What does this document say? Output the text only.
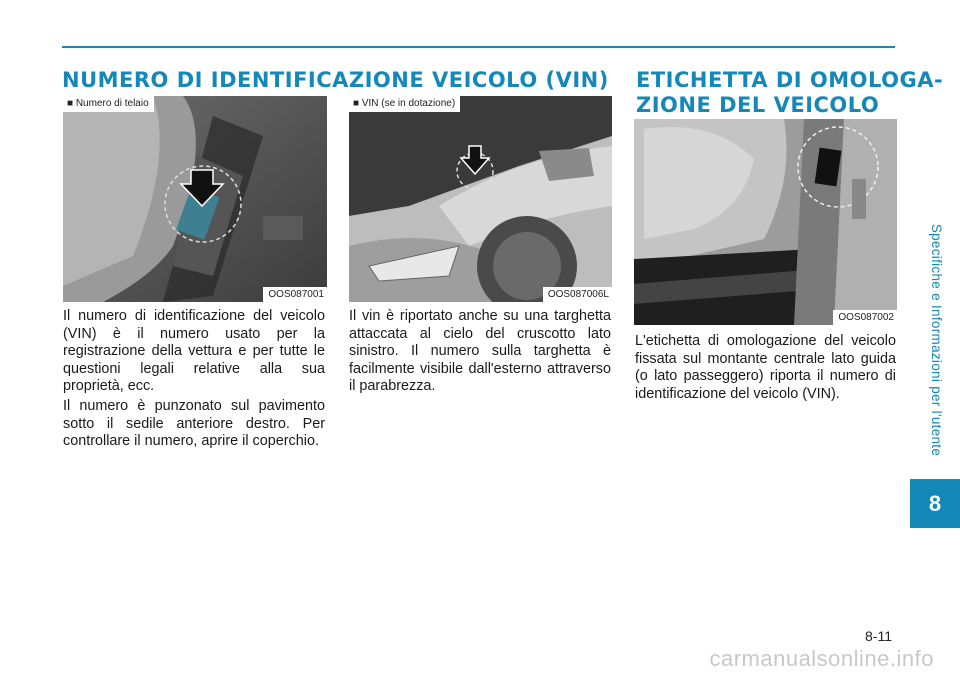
Specifiche e Informazioni per l'utente
8
NUMERO DI IDENTIFICAZIONE VEICOLO (VIN) ETICHETTA DI OMOLOGA-
ZIONE DEL VEICOLO
■ Numero di telaio
OOS087001
■ VIN (se in dotazione)
OOS087006L
OOS087002

Il numero di identificazione del veicolo (VIN) è il numero usato per la registrazione della vettura e per tutte le questioni legali relative alla sua proprietà, ecc.

Il numero è punzonato sul pavimento sotto il sedile anteriore destro. Per controllare il numero, aprire il coperchio.

Il vin è riportato anche su una targhetta attaccata al cielo del cruscotto lato sinistro. Il numero sulla targhetta è facilmente visibile dall'esterno attraverso il parabrezza.

L'etichetta di omologazione del veicolo fissata sul montante centrale lato guida (o lato passeggero) riporta il numero di identificazione del veicolo (VIN).

8-11
carmanualsonline.info
